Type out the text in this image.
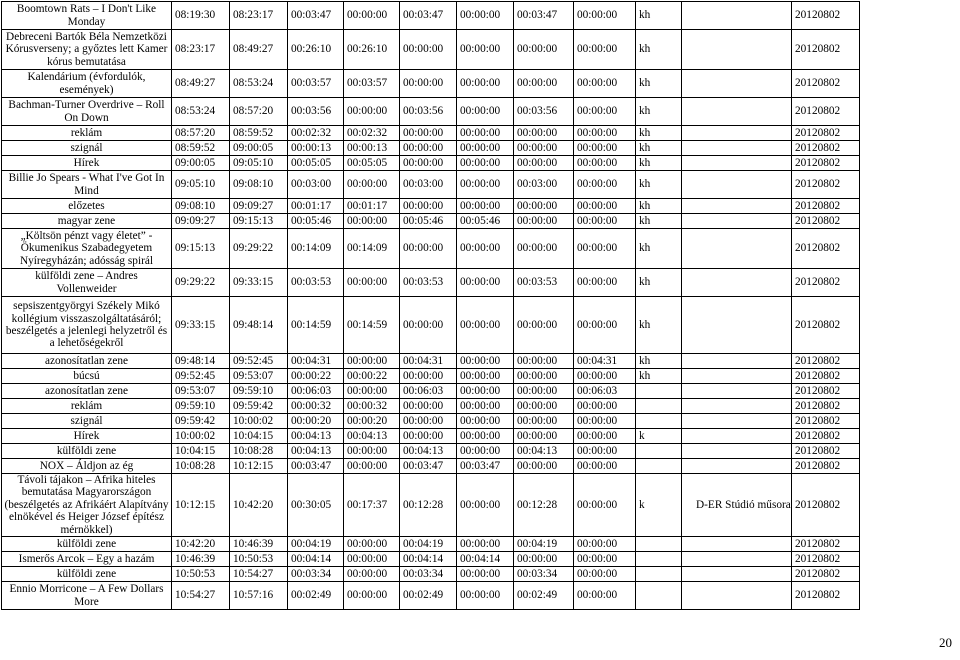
Boomtown Rats – I Don't Like Monday	08:19:30	08:23:17	00:03:47	00:00:00	00:03:47	00:00:00	00:03:47	00:00:00	kh		20120802
Debreceni Bartók Béla Nemzetközi Kórusverseny; a győztes lett Kamer kórus bemutatása	08:23:17	08:49:27	00:26:10	00:26:10	00:00:00	00:00:00	00:00:00	00:00:00	kh		20120802
Kalendárium (évfordulók, események)	08:49:27	08:53:24	00:03:57	00:03:57	00:00:00	00:00:00	00:00:00	00:00:00	kh		20120802
Bachman-Turner Overdrive – Roll On Down	08:53:24	08:57:20	00:03:56	00:00:00	00:03:56	00:00:00	00:03:56	00:00:00	kh		20120802
reklám	08:57:20	08:59:52	00:02:32	00:02:32	00:00:00	00:00:00	00:00:00	00:00:00	kh		20120802
szignál	08:59:52	09:00:05	00:00:13	00:00:13	00:00:00	00:00:00	00:00:00	00:00:00	kh		20120802
Hírek	09:00:05	09:05:10	00:05:05	00:05:05	00:00:00	00:00:00	00:00:00	00:00:00	kh		20120802
Billie Jo Spears - What I've Got In Mind	09:05:10	09:08:10	00:03:00	00:00:00	00:03:00	00:00:00	00:03:00	00:00:00	kh		20120802
előzetes	09:08:10	09:09:27	00:01:17	00:01:17	00:00:00	00:00:00	00:00:00	00:00:00	kh		20120802
magyar zene	09:09:27	09:15:13	00:05:46	00:00:00	00:05:46	00:05:46	00:00:00	00:00:00	kh		20120802
„Költsön pénzt vagy életet” - Ökumenikus Szabadegyetem Nyíregyházán; adósság spirál	09:15:13	09:29:22	00:14:09	00:14:09	00:00:00	00:00:00	00:00:00	00:00:00	kh		20120802
külföldi zene – Andres Vollenweider	09:29:22	09:33:15	00:03:53	00:00:00	00:03:53	00:00:00	00:03:53	00:00:00	kh		20120802
sepsiszentgyörgyi Székely Mikó kollégium visszaszolgáltatásáról; beszélgetés a jelenlegi helyzetről és a lehetőségekről	09:33:15	09:48:14	00:14:59	00:14:59	00:00:00	00:00:00	00:00:00	00:00:00	kh		20120802
azonosítatlan zene	09:48:14	09:52:45	00:04:31	00:00:00	00:04:31	00:00:00	00:00:00	00:04:31	kh		20120802
búcsú	09:52:45	09:53:07	00:00:22	00:00:22	00:00:00	00:00:00	00:00:00	00:00:00	kh		20120802
azonosítatlan zene	09:53:07	09:59:10	00:06:03	00:00:00	00:06:03	00:00:00	00:00:00	00:06:03			20120802
reklám	09:59:10	09:59:42	00:00:32	00:00:32	00:00:00	00:00:00	00:00:00	00:00:00			20120802
szignál	09:59:42	10:00:02	00:00:20	00:00:20	00:00:00	00:00:00	00:00:00	00:00:00			20120802
Hírek	10:00:02	10:04:15	00:04:13	00:04:13	00:00:00	00:00:00	00:00:00	00:00:00	k		20120802
külföldi zene	10:04:15	10:08:28	00:04:13	00:00:00	00:04:13	00:00:00	00:04:13	00:00:00			20120802
NOX – Áldjon az ég	10:08:28	10:12:15	00:03:47	00:00:00	00:03:47	00:03:47	00:00:00	00:00:00			20120802
Távoli tájakon – Afrika hiteles bemutatása Magyarországon (beszélgetés az Afrikáért Alapítvány elnökével és Heiger József építész mérnökkel)	10:12:15	10:42:20	00:30:05	00:17:37	00:12:28	00:00:00	00:12:28	00:00:00	k	D-ER Stúdió műsora	20120802
külföldi zene	10:42:20	10:46:39	00:04:19	00:00:00	00:04:19	00:00:00	00:04:19	00:00:00			20120802
Ismerős Arcok – Egy a hazám	10:46:39	10:50:53	00:04:14	00:00:00	00:04:14	00:04:14	00:00:00	00:00:00			20120802
külföldi zene	10:50:53	10:54:27	00:03:34	00:00:00	00:03:34	00:00:00	00:03:34	00:00:00			20120802
Ennio Morricone – A Few Dollars More	10:54:27	10:57:16	00:02:49	00:00:00	00:02:49	00:00:00	00:02:49	00:00:00			20120802
20
